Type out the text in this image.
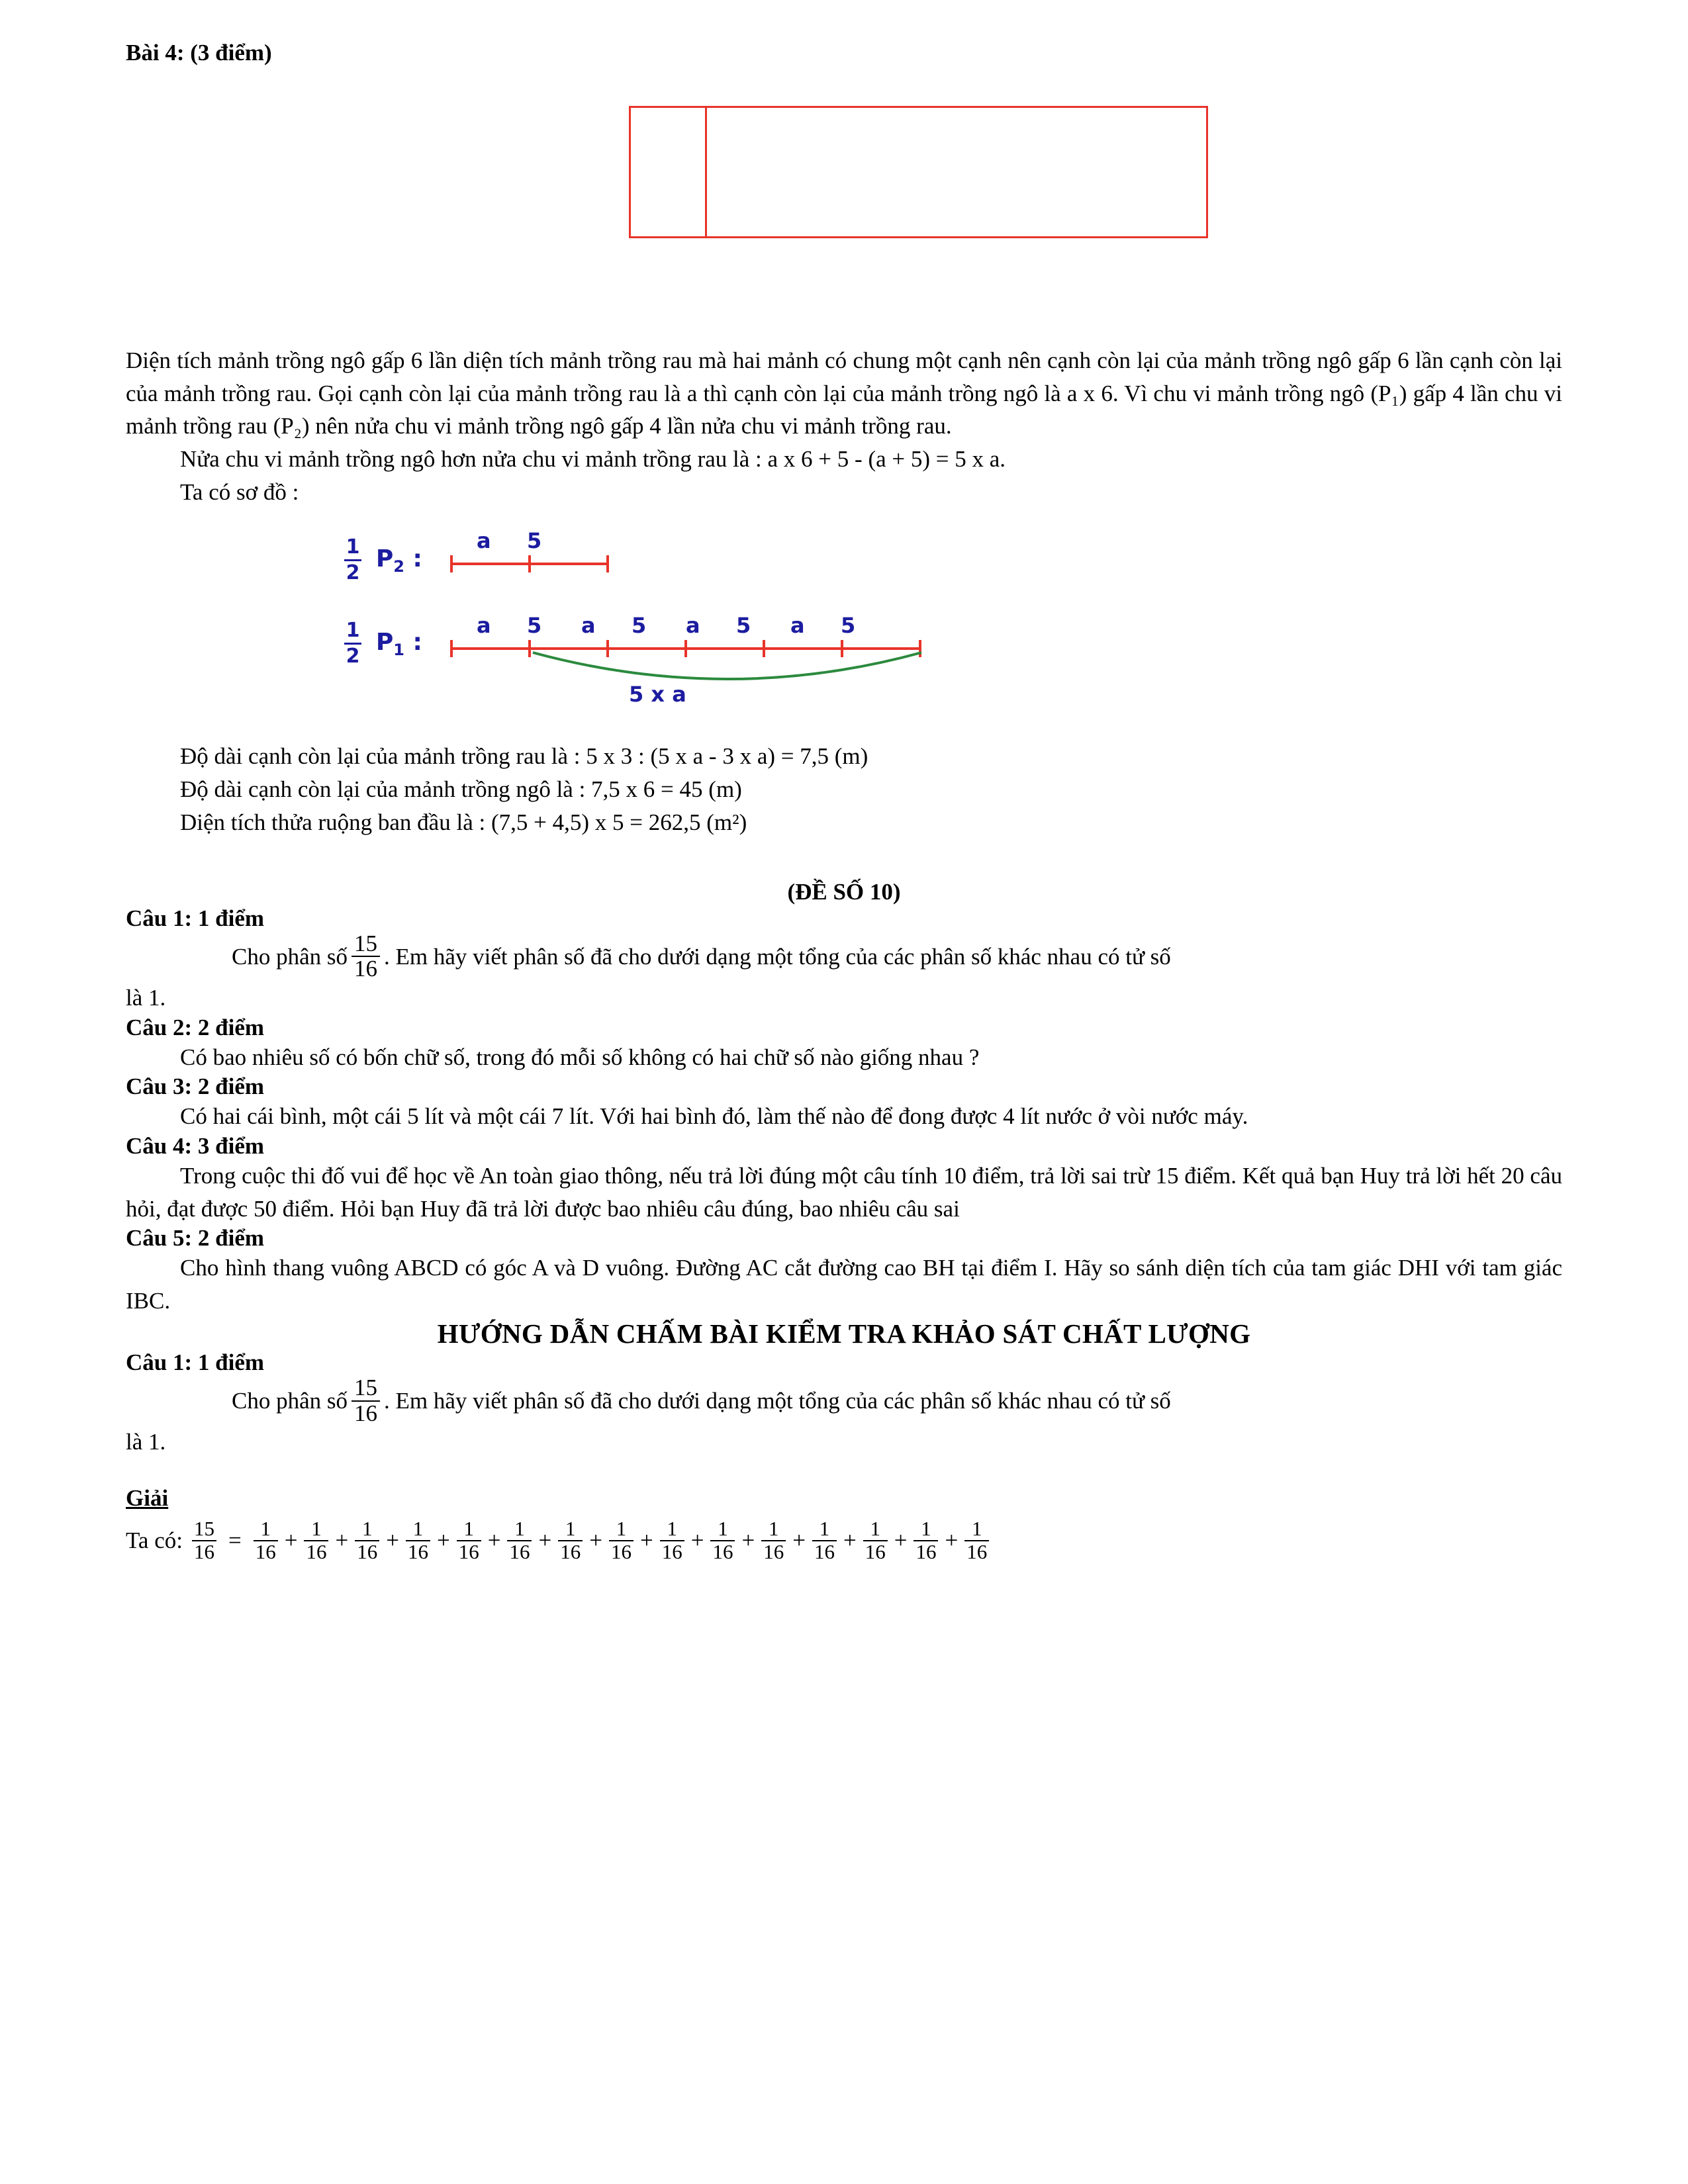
Bài 4: (3 điểm)

Diện tích mảnh trồng ngô gấp 6 lần diện tích mảnh trồng rau mà hai mảnh có chung một cạnh nên cạnh còn lại của mảnh trồng ngô gấp 6 lần cạnh còn lại của mảnh trồng rau. Gọi cạnh còn lại của mảnh trồng rau là a thì cạnh còn lại của mảnh trồng ngô là a x 6. Vì chu vi mảnh trồng ngô (P₁) gấp 4 lần chu vi mảnh trồng rau (P₂) nên nửa chu vi mảnh trồng ngô gấp 4 lần nửa chu vi mảnh trồng rau.

Nửa chu vi mảnh trồng ngô hơn nửa chu vi mảnh trồng rau là : a x 6 + 5 - (a + 5) = 5 x a.

Ta có sơ đồ :

$\frac{1}{2} P_2$ :
a 5
$\frac{1}{2} P_1$ :
a 5 a 5 a 5 a 5
5 x a

Độ dài cạnh còn lại của mảnh trồng rau là : 5 x 3 : (5 x a - 3 x a) = 7,5 (m)

Độ dài cạnh còn lại của mảnh trồng ngô là : 7,5 x 6 = 45 (m)

Diện tích thửa ruộng ban đầu là : (7,5 + 4,5) x 5 = 262,5 (m²)

(ĐỀ SỐ 10)

Câu 1: 1 điểm

Cho phân số
15
16 . Em hãy viết phân số đã cho dưới dạng một tổng của các phân số khác nhau có tử số

là 1.

Câu 2: 2 điểm

Có bao nhiêu số có bốn chữ số, trong đó mỗi số không có hai chữ số nào giống nhau ?

Câu 3: 2 điểm

Có hai cái bình, một cái 5 lít và một cái 7 lít. Với hai bình đó, làm thế nào để đong được 4 lít nước ở vòi nước máy.

Câu 4: 3 điểm

Trong cuộc thi đố vui để học về An toàn giao thông, nếu trả lời đúng một câu tính 10 điểm, trả lời sai trừ 15 điểm. Kết quả bạn Huy trả lời hết 20 câu hỏi, đạt được 50 điểm. Hỏi bạn Huy đã trả lời được bao nhiêu câu đúng, bao nhiêu câu sai

Câu 5: 2 điểm

Cho hình thang vuông ABCD có góc A và D vuông. Đường AC cắt đường cao BH tại điểm I. Hãy so sánh diện tích của tam giác DHI với tam giác IBC.

HƯỚNG DẪN CHẤM BÀI KIỂM TRA KHẢO SÁT CHẤT LƯỢNG

Câu 1: 1 điểm

Cho phân số
15
16 . Em hãy viết phân số đã cho dưới dạng một tổng của các phân số khác nhau có tử số

là 1.

Giải

Ta có: 15
16 = 1
16 + 1
16 + 1
16 + 1
16 + 1
16 + 1
16 + 1
16 + 1
16 + 1
16 + 1
16 + 1
16 + 1
16 + 1
16 + 1
16 + 1
16
